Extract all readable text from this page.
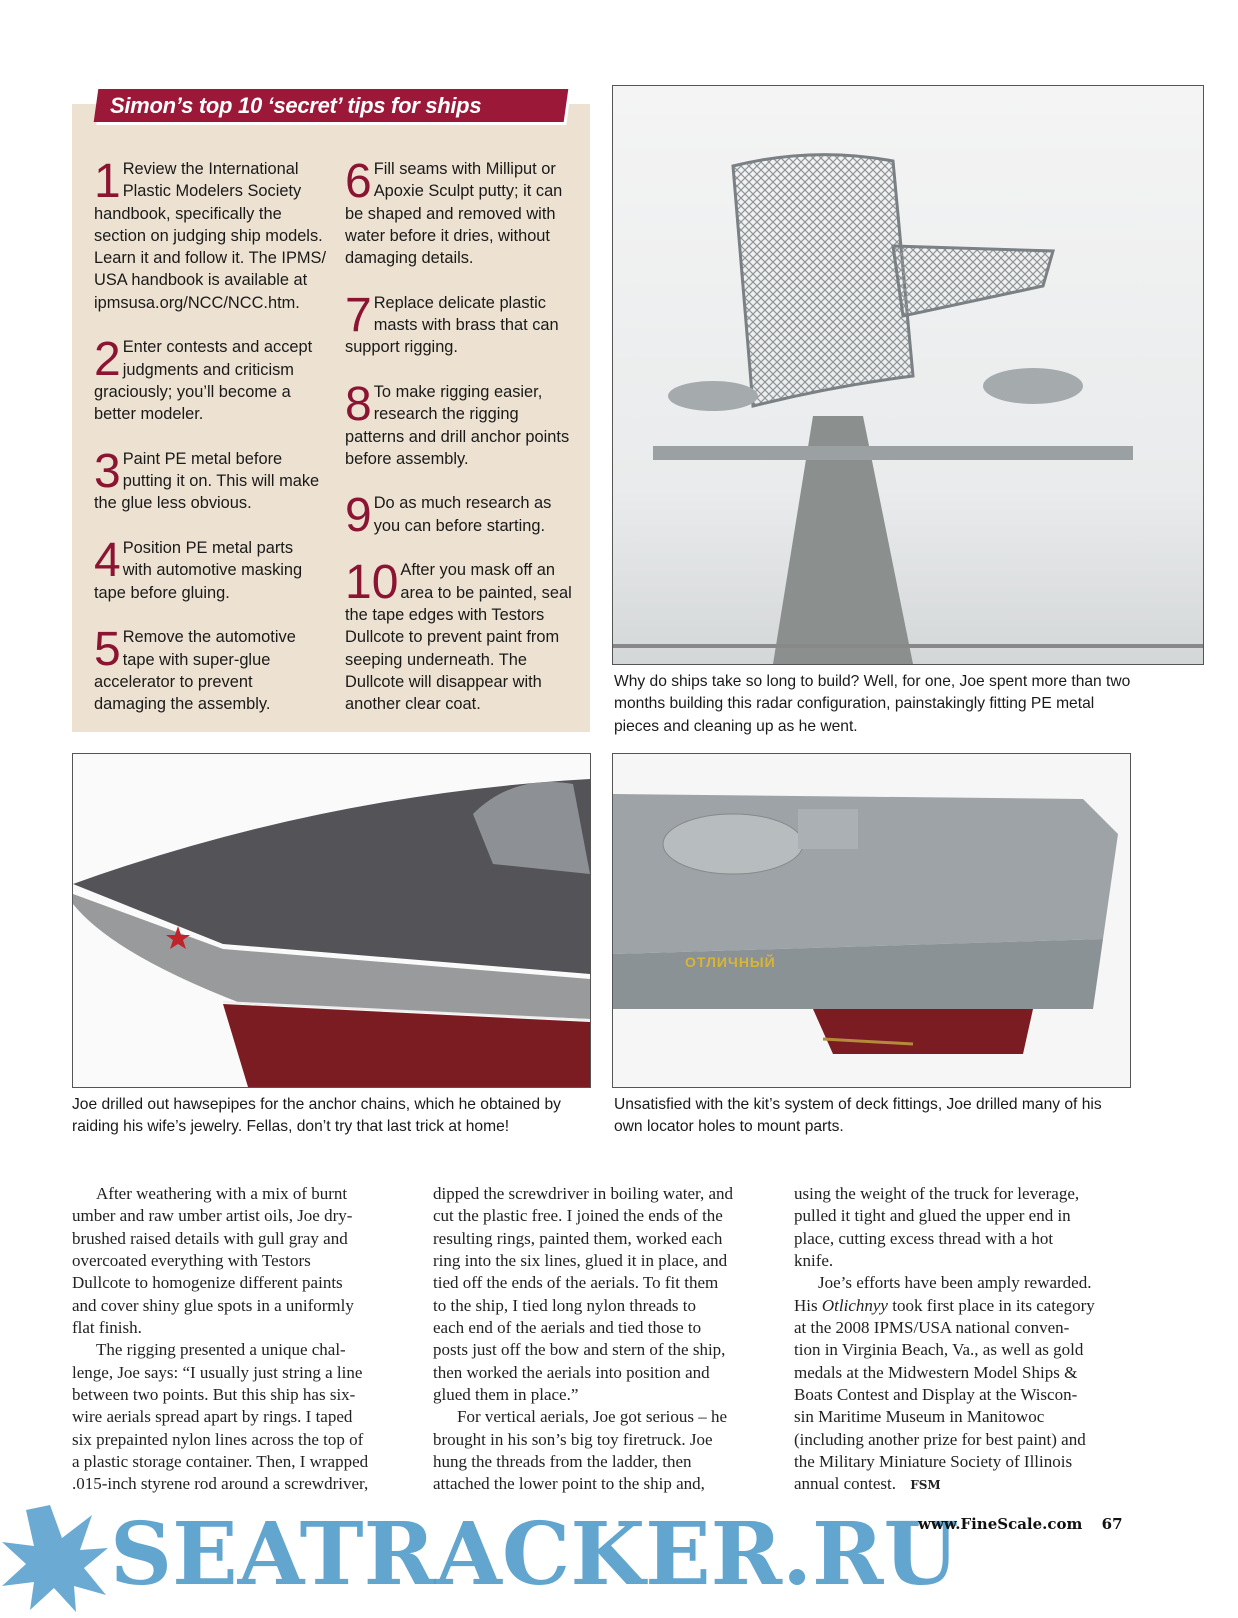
Simon’s top 10 ‘secret’ tips for ships
1 Review the International Plastic Modelers Society handbook, specifically the section on judging ship models. Learn it and follow it. The IPMS/ USA handbook is available at ipmsusa.org/NCC/NCC.htm.
2 Enter contests and accept judgments and criticism graciously; you’ll become a better modeler.
3 Paint PE metal before putting it on. This will make the glue less obvious.
4 Position PE metal parts with automotive masking tape before gluing.
5 Remove the automotive tape with super-glue accelerator to prevent damaging the assembly.
6 Fill seams with Milliput or Apoxie Sculpt putty; it can be shaped and removed with water before it dries, without damaging details.
7 Replace delicate plastic masts with brass that can support rigging.
8 To make rigging easier, research the rigging patterns and drill anchor points before assembly.
9 Do as much research as you can before starting.
10 After you mask off an area to be painted, seal the tape edges with Testors Dullcote to prevent paint from seeping underneath. The Dullcote will disappear with another clear coat.
Why do ships take so long to build? Well, for one, Joe spent more than two months building this radar configuration, painstakingly fitting PE metal pieces and cleaning up as he went.
Joe drilled out hawsepipes for the anchor chains, which he obtained by raiding his wife’s jewelry. Fellas, don’t try that last trick at home!
ОТЛИЧНЫЙ
Unsatisfied with the kit’s system of deck fittings, Joe drilled many of his own locator holes to mount parts.
After weathering with a mix of burnt
umber and raw umber artist oils, Joe dry-
brushed raised details with gull gray and
overcoated everything with Testors
Dullcote to homogenize different paints
and cover shiny glue spots in a uniformly
flat finish.
The rigging presented a unique chal-
lenge, Joe says: “I usually just string a line
between two points. But this ship has six-
wire aerials spread apart by rings. I taped
six prepainted nylon lines across the top of
a plastic storage container. Then, I wrapped
.015-inch styrene rod around a screwdriver,
dipped the screwdriver in boiling water, and
cut the plastic free. I joined the ends of the
resulting rings, painted them, worked each
ring into the six lines, glued it in place, and
tied off the ends of the aerials. To fit them
to the ship, I tied long nylon threads to
each end of the aerials and tied those to
posts just off the bow and stern of the ship,
then worked the aerials into position and
glued them in place.”
For vertical aerials, Joe got serious – he
brought in his son’s big toy firetruck. Joe
hung the threads from the ladder, then
attached the lower point to the ship and,
using the weight of the truck for leverage,
pulled it tight and glued the upper end in
place, cutting excess thread with a hot
knife.
Joe’s efforts have been amply rewarded.
His Otlichnyy took first place in its category
at the 2008 IPMS/USA national conven-
tion in Virginia Beach, Va., as well as gold
medals at the Midwestern Model Ships &
Boats Contest and Display at the Wiscon-
sin Maritime Museum in Manitowoc
(including another prize for best paint) and
the Military Miniature Society of Illinois
annual contest. FSM
SEATRACKER.RU
www.FineScale.com 67
